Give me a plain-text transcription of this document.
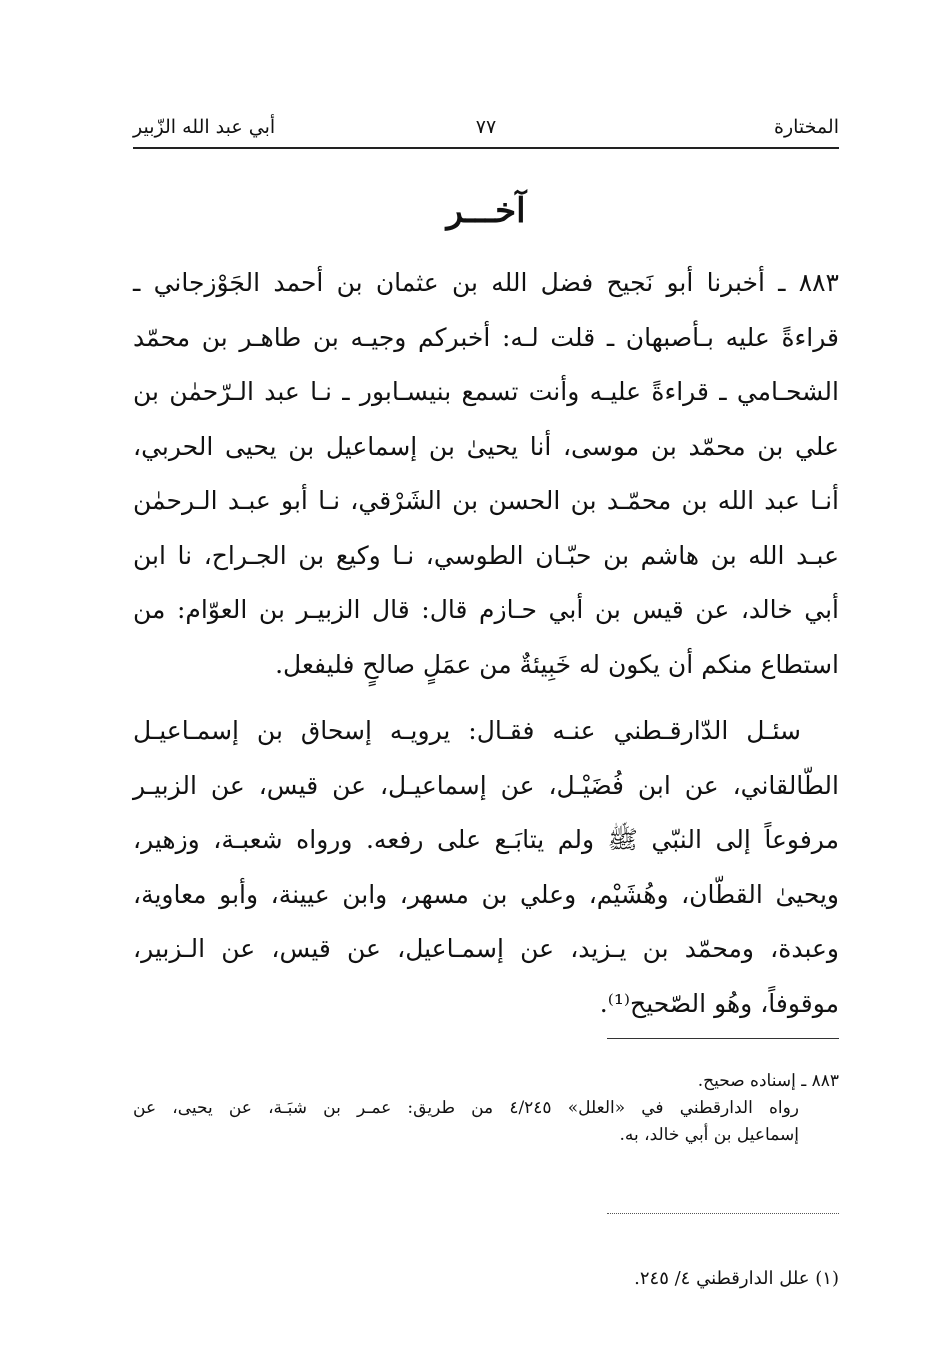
المختارة
٧٧
أبي عبد الله الزّبير
آخـــر
٨٨٣ ـ أخبرنا أبو نَجيح فضل الله بن عثمان بن أحمد الجَوْزجاني ـ
قراءةً عليه بـأصبهان ـ قلت لـه: أخبركم وجيـه بن طاهـر بن محمّد
الشحـامي ـ قراءةً عليـه وأنت تسمع بنيسـابور ـ نـا عبد الـرّحمٰن بن
علي بن محمّد بن موسى، أنا يحيىٰ بن إسماعيل بن يحيى الحربي،
أنـا عبد الله بن محمّـد بن الحسن بن الشَرْقي، نـا أبو عبـد الـرحمٰن
عبـد الله بن هاشم بن حبّـان الطوسي، نـا وكيع بن الجـراح، نا ابن
أبي خالد، عن قيس بن أبي حـازم قال: قال الزبيـر بن العوّام: من
استطاع منكم أن يكون له خَبِيئةٌ من عمَلٍ صالحٍ فليفعل.
سئـل الدّارقـطني عنـه فقـال: يرويـه إسحاق بن إسمـاعيـل
الطّالقاني، عن ابن فُضَيْـل، عن إسماعيـل، عن قيس، عن الزبيـر
مرفوعاً إلى النبّي ﷺ ولم يتابَـع على رفعه. ورواه شعبـة، وزهير،
ويحيىٰ القطّان، وهُشَيْم، وعلي بن مسهر، وابن عيينة، وأبو معاوية،
وعبدة، ومحمّد بن يـزيد، عن إسمـاعيل، عن قيس، عن الـزبير،
موقوفاً، وهُو الصّحيح⁽¹⁾.
٨٨٣ ـ إسناده صحيح.
رواه الدارقطني في «العلل» ٤/٢٤٥ من طريق: عمـر بن شبَـة، عن يحيى، عن
إسماعيل بن أبي خالد، به.
(١) علل الدارقطني ٤/ ٢٤٥.
